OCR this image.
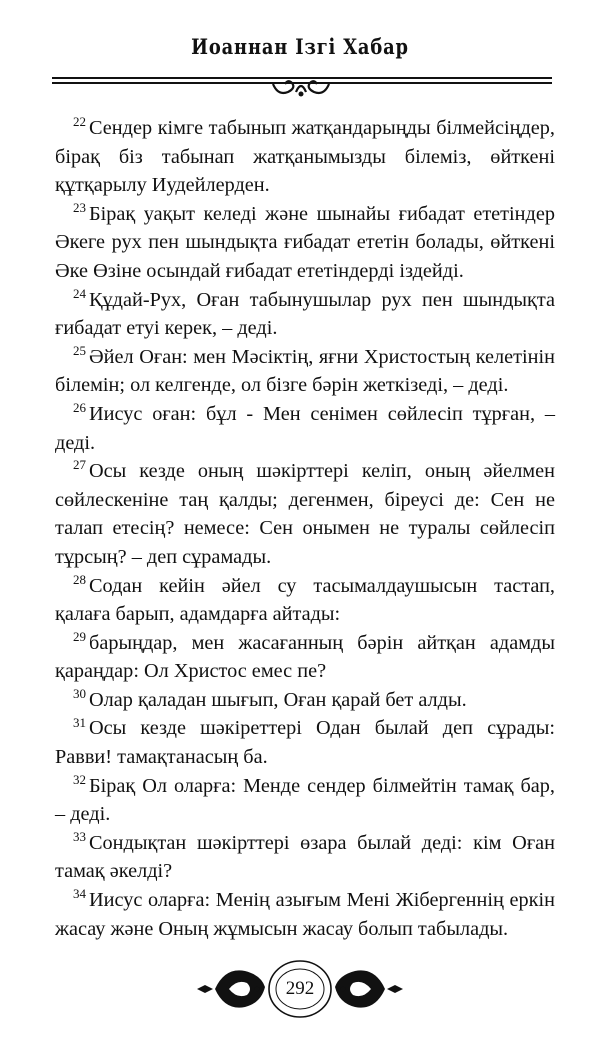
Иоаннан Ізгі Хабар

$^{22}$ Сендер кімге табынып жатқандарыңды білмейсіңдер, бірақ біз табынап жатқанымызды білеміз, өйткені құтқарылу Иудейлерден.

$^{23}$ Бірақ уақыт келеді және шынайы ғибадат ететіндер Әкеге рух пен шындықта ғибадат ететін болады, өйткені Әке Өзіне осындай ғибадат ететіндерді іздейді.

$^{24}$ Құдай-Рух, Оған табынушылар рух пен шындықта ғибадат етуі керек, – деді.

$^{25}$ Әйел Оған: мен Мәсіктің, яғни Христостың келетінін білемін; ол келгенде, ол бізге бәрін жеткізеді, – деді.

$^{26}$ Иисус оған: бұл - Мен сенімен сөйлесіп тұрған, – деді.

$^{27}$ Осы кезде оның шәкірттері келіп, оның әйелмен сөйлескеніне таң қалды; дегенмен, біреусі де: Сен не талап етесің? немесе: Сен онымен не туралы сөйлесіп тұрсың? – деп сұрамады.

$^{28}$ Содан кейін әйел су тасымалдаушысын тастап, қалаға барып, адамдарға айтады:

$^{29}$ барыңдар, мен жасағанның бәрін айтқан адамды қараңдар: Ол Христос емес пе?

$^{30}$ Олар қаладан шығып, Оған қарай бет алды.

$^{31}$ Осы кезде шәкіреттері Одан былай деп сұрады: Равви! тамақтанасың ба.

$^{32}$ Бірақ Ол оларға: Менде сендер білмейтін тамақ бар, – деді.

$^{33}$ Сондықтан шәкірттері өзара былай деді: кім Оған тамақ әкелді?

$^{34}$ Иисус оларға: Менің азығым Мені Жібергеннің еркін жасау және Оның жұмысын жасау болып табылады.

292
